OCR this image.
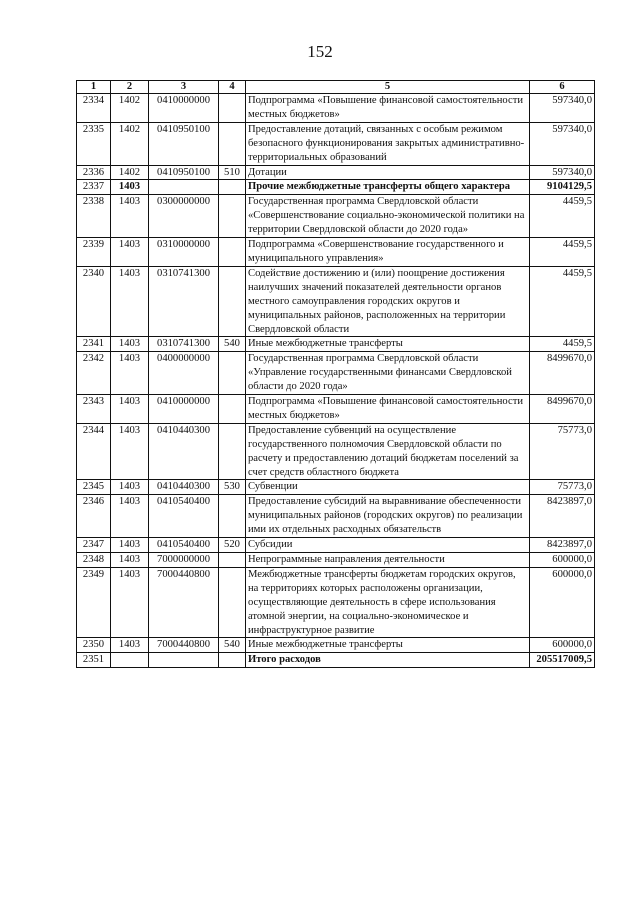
152
1	2	3	4	5	6
2334	1402	0410000000		Подпрограмма «Повышение финансовой самостоятельности местных бюджетов»	597340,0
2335	1402	0410950100		Предоставление дотаций, связанных с особым режимом безопасного функционирования закрытых административно-территориальных образований	597340,0
2336	1402	0410950100	510	Дотации	597340,0
2337	1403			Прочие межбюджетные трансферты общего характера	9104129,5
2338	1403	0300000000		Государственная программа Свердловской области «Совершенствование социально-экономической политики на территории Свердловской области до 2020 года»	4459,5
2339	1403	0310000000		Подпрограмма «Совершенствование государственного и муниципального управления»	4459,5
2340	1403	0310741300		Содействие достижению и (или) поощрение достижения наилучших значений показателей деятельности органов местного самоуправления городских округов и муниципальных районов, расположенных на территории Свердловской области	4459,5
2341	1403	0310741300	540	Иные межбюджетные трансферты	4459,5
2342	1403	0400000000		Государственная программа Свердловской области «Управление государственными финансами Свердловской области до 2020 года»	8499670,0
2343	1403	0410000000		Подпрограмма «Повышение финансовой самостоятельности местных бюджетов»	8499670,0
2344	1403	0410440300		Предоставление субвенций на осуществление государственного полномочия Свердловской области по расчету и предоставлению дотаций бюджетам поселений за счет средств областного бюджета	75773,0
2345	1403	0410440300	530	Субвенции	75773,0
2346	1403	0410540400		Предоставление субсидий на выравнивание обеспеченности муниципальных районов (городских округов) по реализации ими их отдельных расходных обязательств	8423897,0
2347	1403	0410540400	520	Субсидии	8423897,0
2348	1403	7000000000		Непрограммные направления деятельности	600000,0
2349	1403	7000440800		Межбюджетные трансферты бюджетам городских округов, на территориях которых расположены организации, осуществляющие деятельность в сфере использования атомной энергии, на социально-экономическое и инфраструктурное развитие	600000,0
2350	1403	7000440800	540	Иные межбюджетные трансферты	600000,0
2351				Итого расходов	205517009,5
